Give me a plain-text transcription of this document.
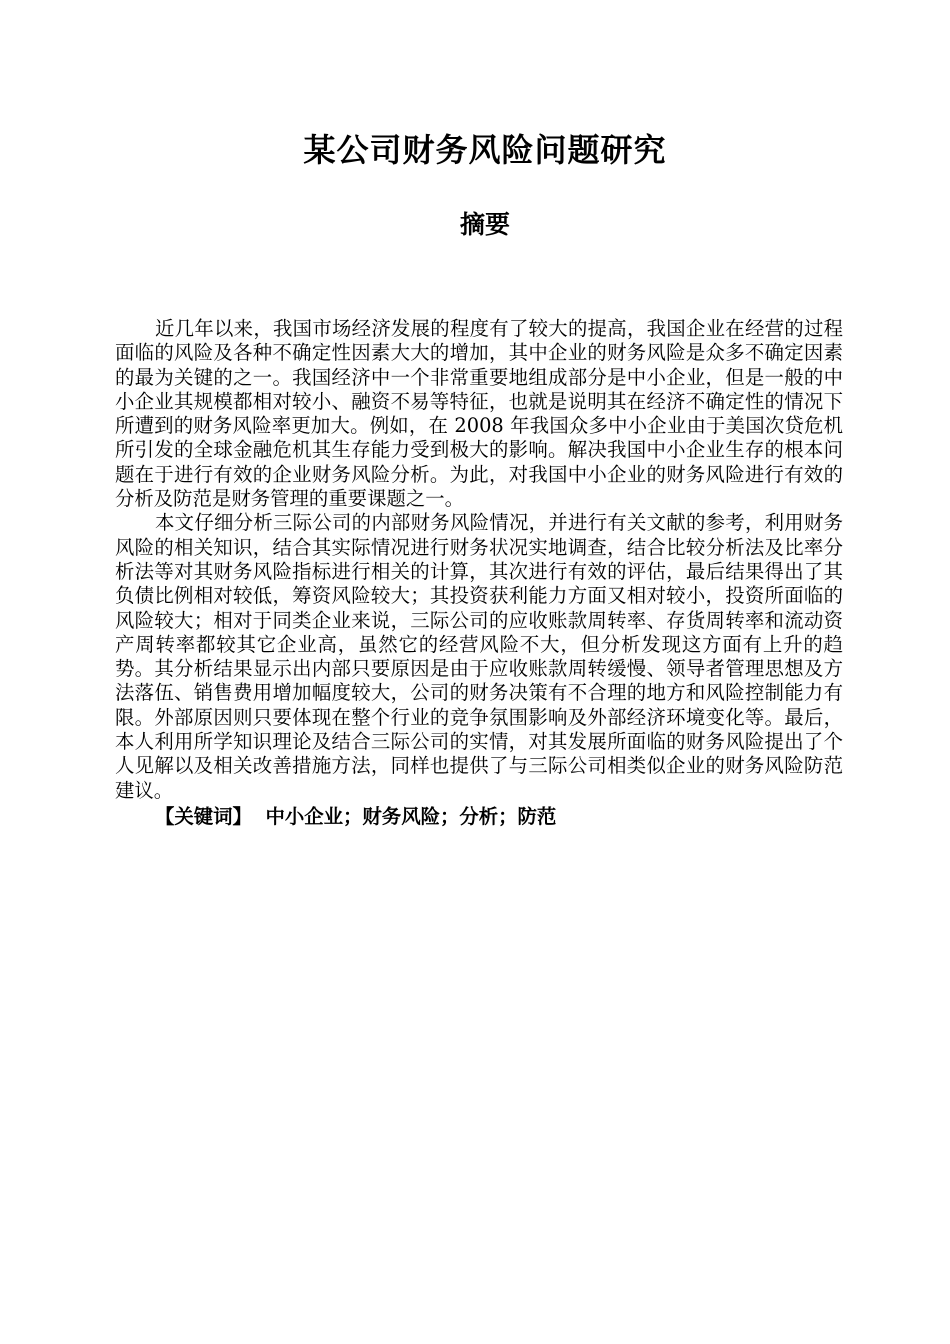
某公司财务风险问题研究
摘要

近几年以来，我国市场经济发展的程度有了较大的提高，我国企业在经营的过程面临的风险及各种不确定性因素大大的增加，其中企业的财务风险是众多不确定因素的最为关键的之一。我国经济中一个非常重要地组成部分是中小企业，但是一般的中小企业其规模都相对较小、融资不易等特征，也就是说明其在经济不确定性的情况下所遭到的财务风险率更加大。例如，在 2008 年我国众多中小企业由于美国次贷危机所引发的全球金融危机其生存能力受到极大的影响。解决我国中小企业生存的根本问题在于进行有效的企业财务风险分析。为此，对我国中小企业的财务风险进行有效的分析及防范是财务管理的重要课题之一。

本文仔细分析三际公司的内部财务风险情况，并进行有关文献的参考，利用财务风险的相关知识，结合其实际情况进行财务状况实地调查，结合比较分析法及比率分析法等对其财务风险指标进行相关的计算，其次进行有效的评估，最后结果得出了其负债比例相对较低，筹资风险较大；其投资获利能力方面又相对较小，投资所面临的风险较大；相对于同类企业来说，三际公司的应收账款周转率、存货周转率和流动资产周转率都较其它企业高，虽然它的经营风险不大，但分析发现这方面有上升的趋势。其分析结果显示出内部只要原因是由于应收账款周转缓慢、领导者管理思想及方法落伍、销售费用增加幅度较大，公司的财务决策有不合理的地方和风险控制能力有限。外部原因则只要体现在整个行业的竞争氛围影响及外部经济环境变化等。最后，本人利用所学知识理论及结合三际公司的实情，对其发展所面临的财务风险提出了个人见解以及相关改善措施方法，同样也提供了与三际公司相类似企业的财务风险防范建议。

【关键词】 中小企业；财务风险；分析；防范
